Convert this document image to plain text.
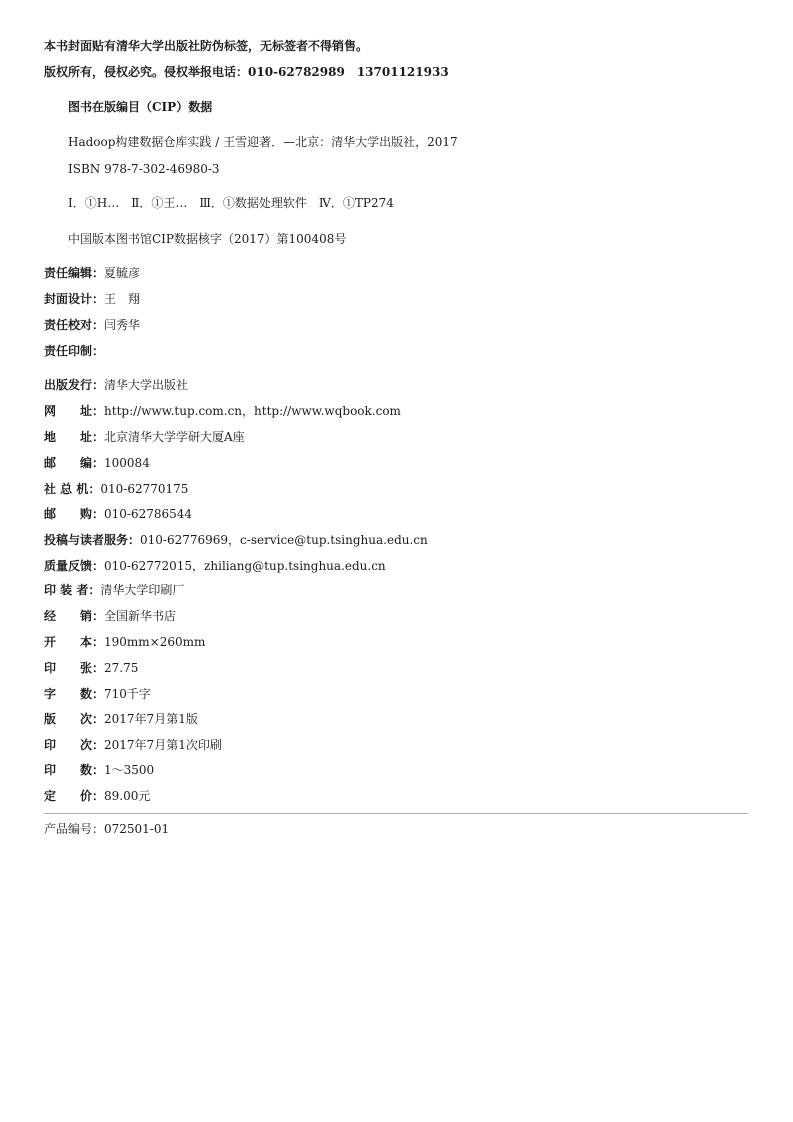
本书封面贴有清华大学出版社防伪标签，无标签者不得销售。
版权所有，侵权必究。侵权举报电话：010-62782989　13701121933
图书在版编目（CIP）数据
Hadoop构建数据仓库实践 / 王雪迎著．—北京：清华大学出版社，2017
ISBN 978-7-302-46980-3
Ⅰ．①H…　Ⅱ．①王…　Ⅲ．①数据处理软件　Ⅳ．①TP274
中国版本图书馆CIP数据核字（2017）第100408号
责任编辑：夏毓彦
封面设计：王　翔
责任校对：闫秀华
责任印制：
出版发行：清华大学出版社
网　　址：http://www.tup.com.cn，http://www.wqbook.com
地　　址：北京清华大学学研大厦A座
邮　　编：100084
社 总 机：010-62770175
邮　　购：010-62786544
投稿与读者服务：010-62776969，c-service@tup.tsinghua.edu.cn
质量反馈：010-62772015，zhiliang@tup.tsinghua.edu.cn
印 装 者：清华大学印刷厂
经　　销：全国新华书店
开　　本：190mm×260mm
印　　张：27.75
字　　数：710千字
版　　次：2017年7月第1版
印　　次：2017年7月第1次印刷
印　　数：1～3500
定　　价：89.00元
产品编号：072501-01
